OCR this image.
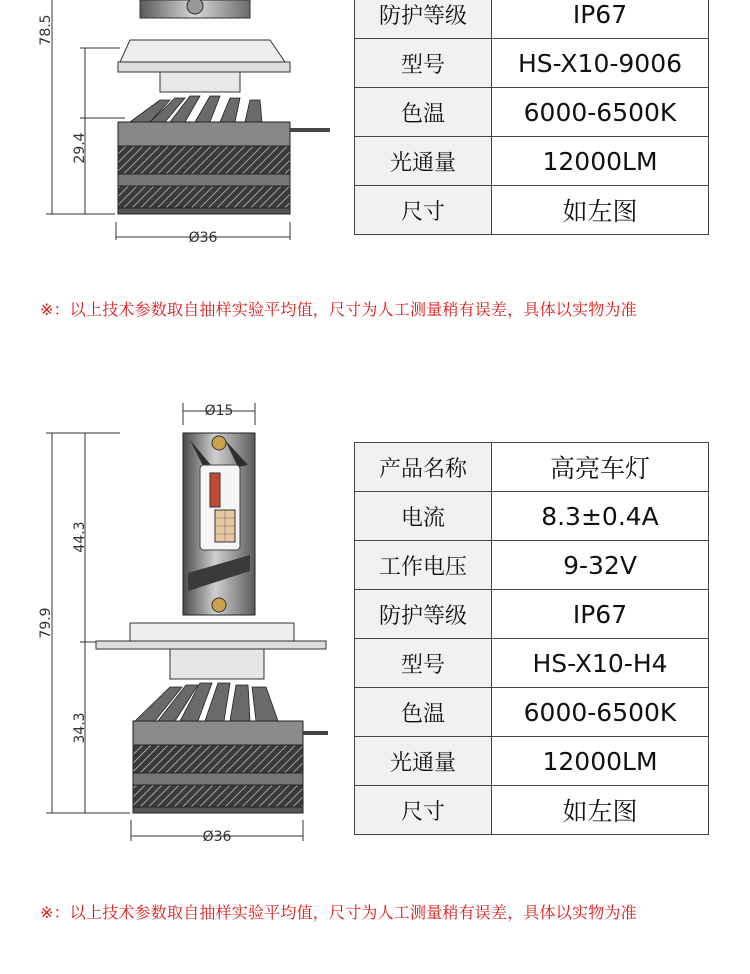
78.5
29.4
Ø36
防护等级	IP67
型号	HS-X10-9006
色温	6000-6500K
光通量	12000LM
尺寸	如左图
※：以上技术参数取自抽样实验平均值，尺寸为人工测量稍有误差，具体以实物为准
Ø15
79.9
44.3
34.3
Ø36
产品名称	高亮车灯
电流	8.3±0.4A
工作电压	9-32V
防护等级	IP67
型号	HS-X10-H4
色温	6000-6500K
光通量	12000LM
尺寸	如左图
※：以上技术参数取自抽样实验平均值，尺寸为人工测量稍有误差，具体以实物为准
